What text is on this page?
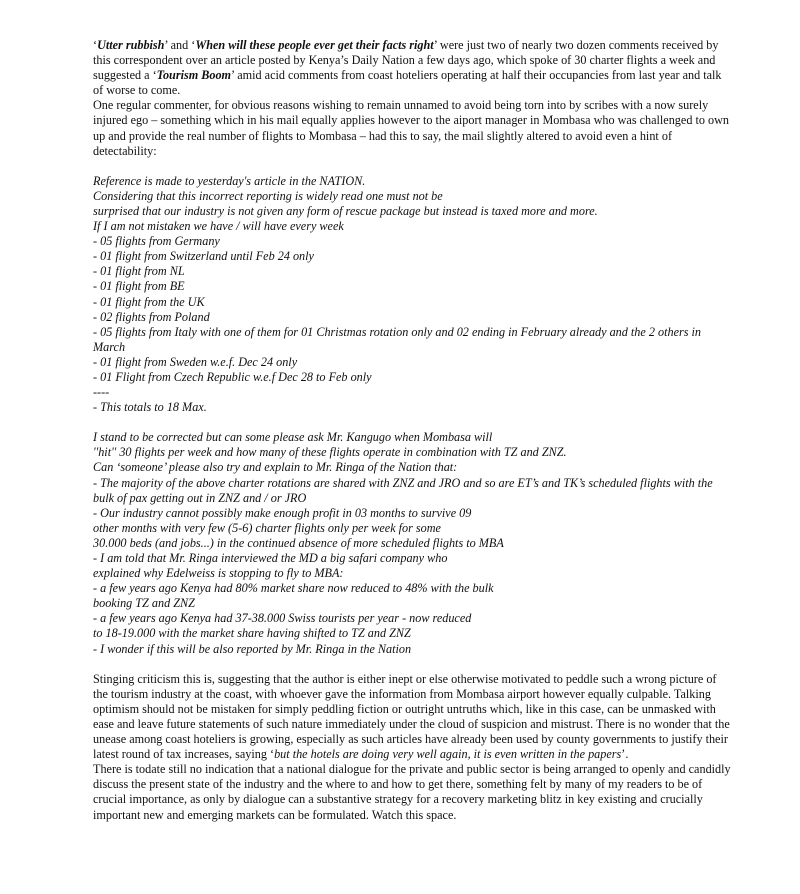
‘Utter rubbish’ and ‘When will these people ever get their facts right’ were just two of nearly two dozen comments received by this correspondent over an article posted by Kenya’s Daily Nation a few days ago, which spoke of 30 charter flights a week and suggested a ‘Tourism Boom’ amid acid comments from coast hoteliers operating at half their occupancies from last year and talk of worse to come.

One regular commenter, for obvious reasons wishing to remain unnamed to avoid being torn into by scribes with a now surely injured ego – something which in his mail equally applies however to the aiport manager in Mombasa who was challenged to own up and provide the real number of flights to Mombasa – had this to say, the mail slightly altered to avoid even a hint of detectability:

Reference is made to yesterday's article in the NATION.

Considering that this incorrect reporting is widely read one must not be

surprised that our industry is not given any form of rescue package but instead is taxed more and more.

If I am not mistaken we have / will have every week

- 05 flights from Germany

- 01 flight from Switzerland until Feb 24 only

- 01 flight from NL

- 01 flight from BE

- 01 flight from the UK

- 02 flights from Poland

- 05 flights from Italy with one of them for 01 Christmas rotation only and 02 ending in February already and the 2 others in March

- 01 flight from Sweden w.e.f. Dec 24 only

- 01 Flight from Czech Republic w.e.f Dec 28 to Feb only

----

- This totals to 18 Max.

I stand to be corrected but can some please ask Mr. Kangugo when Mombasa will

''hit'' 30 flights per week and how many of these flights operate in combination with TZ and ZNZ.

Can ‘someone’ please also try and explain to Mr. Ringa of the Nation that:

- The majority of the above charter rotations are shared with ZNZ and JRO and so are ET’s and TK’s scheduled flights with the bulk of pax getting out in ZNZ and / or JRO

- Our industry cannot possibly make enough profit in 03 months to survive 09

other months with very few (5-6) charter flights only per week for some

30.000 beds (and jobs...) in the continued absence of more scheduled flights to MBA

- I am told that Mr. Ringa interviewed the MD a big safari company who

explained why Edelweiss is stopping to fly to MBA:

- a few years ago Kenya had 80% market share now reduced to 48% with the bulk

booking TZ and ZNZ

- a few years ago Kenya had 37-38.000 Swiss tourists per year - now reduced

to 18-19.000 with the market share having shifted to TZ and ZNZ

- I wonder if this will be also reported by Mr. Ringa in the Nation

Stinging criticism this is, suggesting that the author is either inept or else otherwise motivated to peddle such a wrong picture of the tourism industry at the coast, with whoever gave the information from Mombasa airport however equally culpable. Talking optimism should not be mistaken for simply peddling fiction or outright untruths which, like in this case, can be unmasked with ease and leave future statements of such nature immediately under the cloud of suspicion and mistrust. There is no wonder that the unease among coast hoteliers is growing, especially as such articles have already been used by county governments to justify their latest round of tax increases, saying ‘but the hotels are doing very well again, it is even written in the papers’.

There is todate still no indication that a national dialogue for the private and public sector is being arranged to openly and candidly discuss the present state of the industry and the where to and how to get there, something felt by many of my readers to be of crucial importance, as only by dialogue can a substantive strategy for a recovery marketing blitz in key existing and crucially important new and emerging markets can be formulated. Watch this space.
